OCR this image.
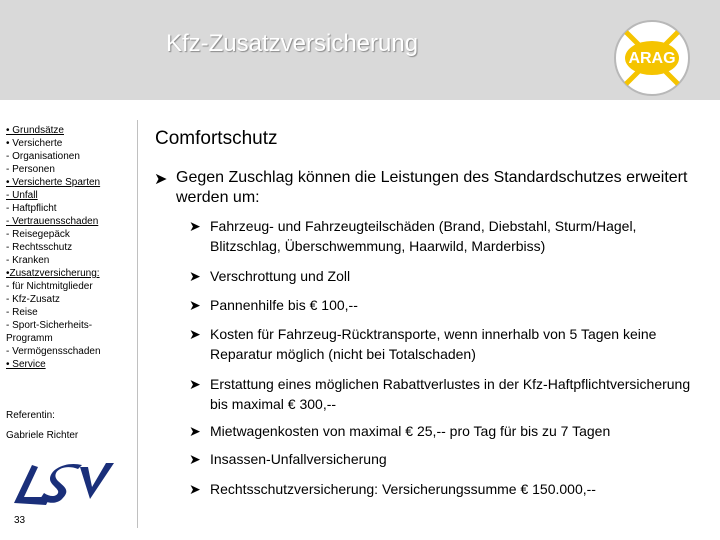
Kfz-Zusatzversicherung
ARAG
• Grundsätze
• Versicherte
- Organisationen
- Personen
• Versicherte Sparten
- Unfall
- Haftpflicht
- Vertrauensschaden
- Reisegepäck
- Rechtsschutz
- Kranken
•Zusatzversicherung:
- für Nichtmitglieder
- Kfz-Zusatz
- Reise
- Sport-Sicherheits-
Programm
- Vermögensschaden
• Service
Referentin:
Gabriele Richter
33
Comfortschutz
➤ Gegen Zuschlag können die Leistungen des Standardschutzes erweitert werden um:
➤ Fahrzeug- und Fahrzeugteilschäden (Brand, Diebstahl, Sturm/Hagel, Blitzschlag, Überschwemmung, Haarwild, Marderbiss)
➤ Verschrottung und Zoll
➤ Pannenhilfe bis € 100,--
➤ Kosten für Fahrzeug-Rücktransporte, wenn innerhalb von 5 Tagen keine Reparatur möglich (nicht bei Totalschaden)
➤ Erstattung eines möglichen Rabattverlustes in der Kfz-Haftpflichtversicherung bis maximal € 300,--
➤ Mietwagenkosten von maximal € 25,-- pro Tag für bis zu 7 Tagen
➤ Insassen-Unfallversicherung
➤ Rechtsschutzversicherung: Versicherungssumme € 150.000,--
